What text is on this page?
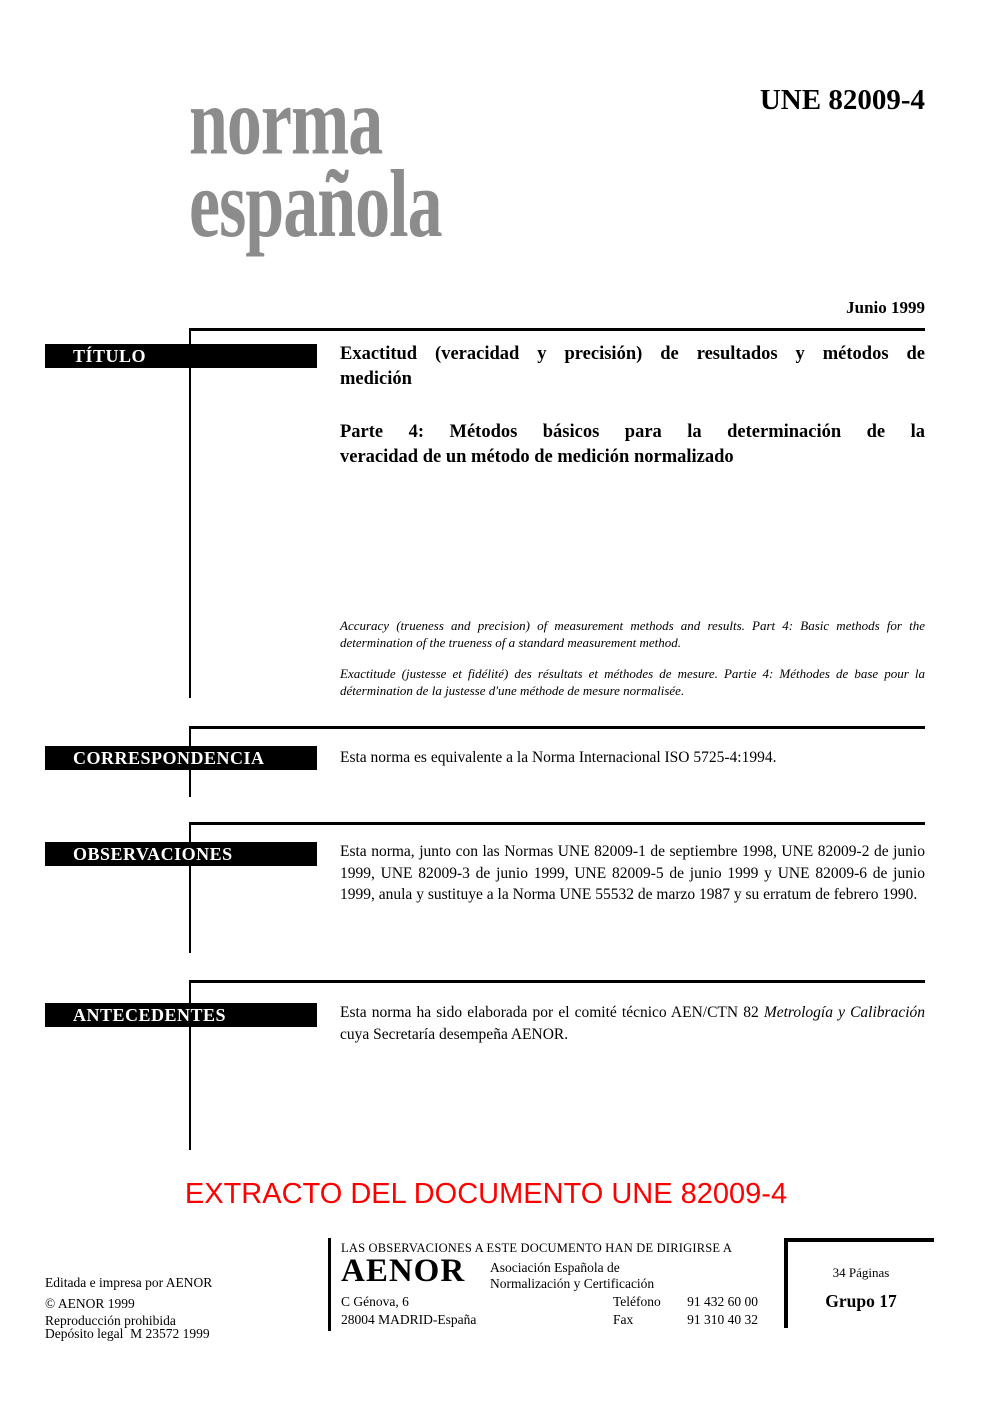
norma
española
UNE 82009-4
Junio 1999
TÍTULO	Exactitud (veracidad y precisión) de resultados y métodos de
medición
Parte 4: Métodos básicos para la determinación de la
veracidad de un método de medición normalizado
Accuracy (trueness and precision) of measurement methods and results. Part 4: Basic methods for the determination of the trueness of a standard measurement method.
Exactitude (justesse et fidélité) des résultats et méthodes de mesure. Partie 4: Méthodes de base pour la détermination de la justesse d'une méthode de mesure normalisée.
CORRESPONDENCIA	Esta norma es equivalente a la Norma Internacional ISO 5725-4:1994.
OBSERVACIONES	Esta norma, junto con las Normas UNE 82009-1 de septiembre 1998, UNE 82009-2 de junio 1999, UNE 82009-3 de junio 1999, UNE 82009-5 de junio 1999 y UNE 82009-6 de junio 1999, anula y sustituye a la Norma UNE 55532 de marzo 1987 y su erratum de febrero 1990.
ANTECEDENTES	Esta norma ha sido elaborada por el comité técnico AEN/CTN 82 Metrología y Calibración cuya Secretaría desempeña AENOR.
EXTRACTO DEL DOCUMENTO UNE 82009-4

Editada e impresa por AENOR

Depósito legal  M 23572 1999

© AENOR 1999
Reproducción prohibida
LAS OBSERVACIONES A ESTE DOCUMENTO HAN DE DIRIGIRSE A
AENOR Asociación Española de
Normalización y Certificación
C Génova, 6
28004 MADRID-España
Teléfono	91 432 60 00
Fax	91 310 40 32
34 Páginas
Grupo 17
